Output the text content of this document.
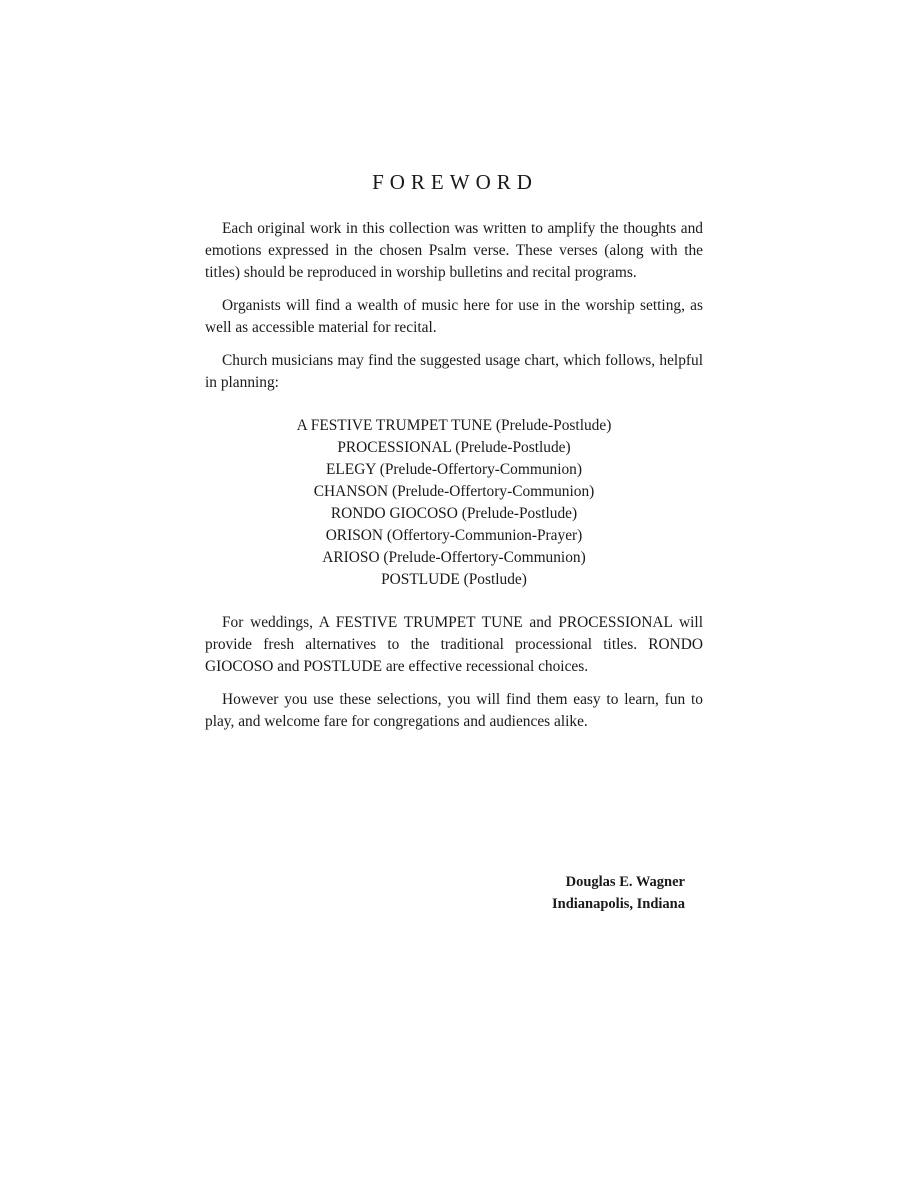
FOREWORD

Each original work in this collection was written to amplify the thoughts and emotions expressed in the chosen Psalm verse. These verses (along with the titles) should be reproduced in worship bulletins and recital programs.

Organists will find a wealth of music here for use in the worship setting, as well as accessible material for recital.

Church musicians may find the suggested usage chart, which follows, helpful in planning:

A FESTIVE TRUMPET TUNE (Prelude-Postlude)
PROCESSIONAL (Prelude-Postlude)
ELEGY (Prelude-Offertory-Communion)
CHANSON (Prelude-Offertory-Communion)
RONDO GIOCOSO (Prelude-Postlude)
ORISON (Offertory-Communion-Prayer)
ARIOSO (Prelude-Offertory-Communion)
POSTLUDE (Postlude)

For weddings, A FESTIVE TRUMPET TUNE and PROCESSIONAL will provide fresh alternatives to the traditional processional titles. RONDO GIOCOSO and POSTLUDE are effective recessional choices.

However you use these selections, you will find them easy to learn, fun to play, and welcome fare for congregations and audiences alike.

Douglas E. Wagner
Indianapolis, Indiana
